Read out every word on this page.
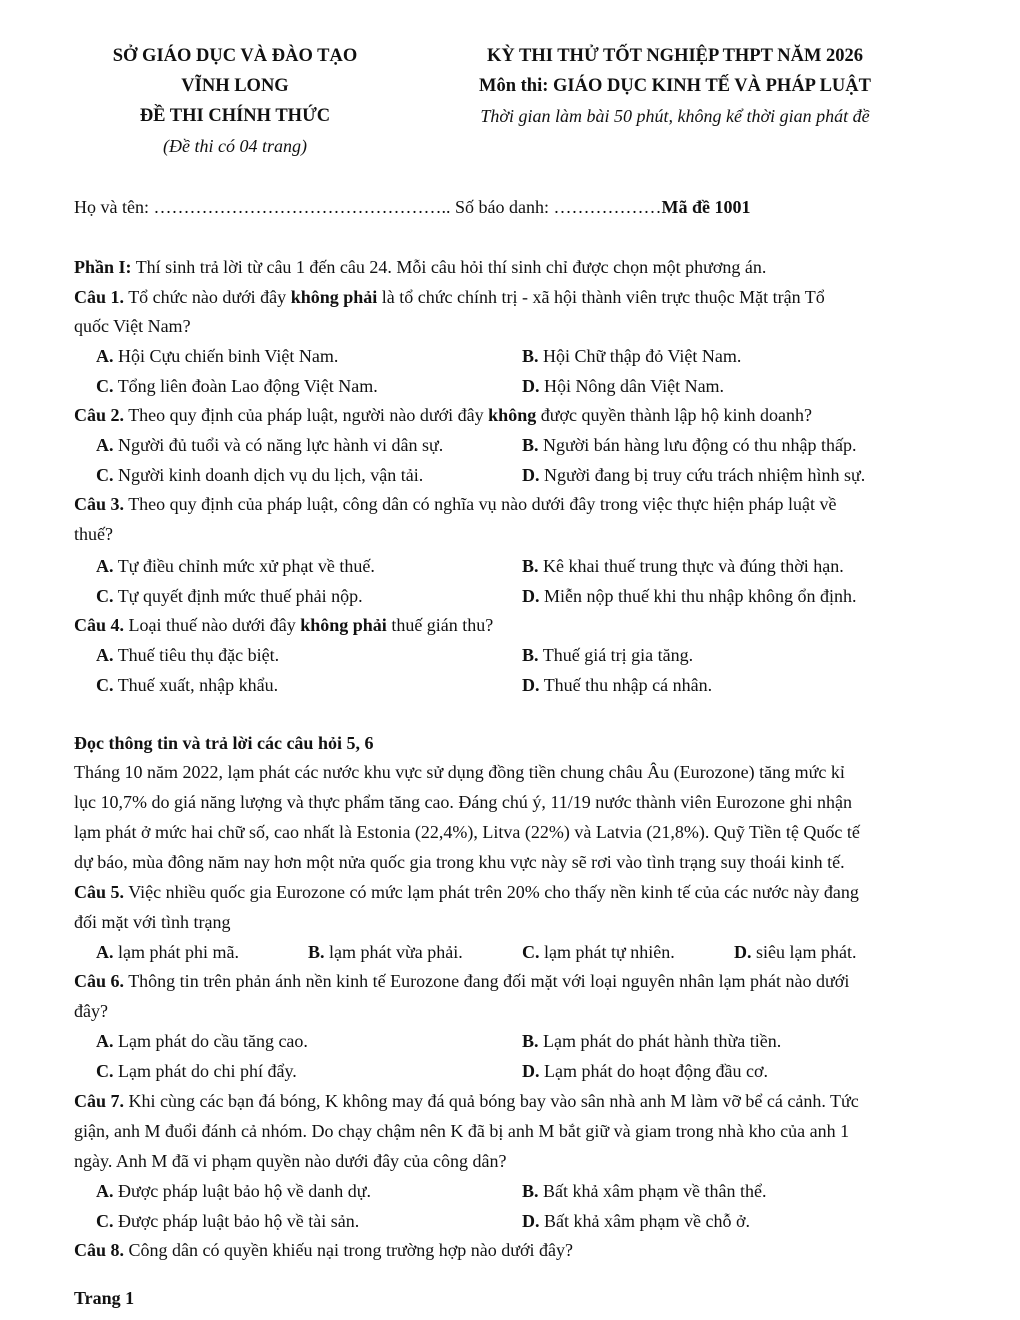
SỞ GIÁO DỤC VÀ ĐÀO TẠO
VĨNH LONG
ĐỀ THI CHÍNH THỨC
(Đề thi có 04 trang)
KỲ THI THỬ TỐT NGHIỆP THPT NĂM 2026
Môn thi: GIÁO DỤC KINH TẾ VÀ PHÁP LUẬT
Thời gian làm bài 50 phút, không kể thời gian phát đề
Họ và tên: ………………………………………….. Số báo danh: ………………Mã đề 1001
Phần I: Thí sinh trả lời từ câu 1 đến câu 24. Mỗi câu hỏi thí sinh chỉ được chọn một phương án.
Câu 1. Tổ chức nào dưới đây không phải là tổ chức chính trị - xã hội thành viên trực thuộc Mặt trận Tổ
quốc Việt Nam?
A. Hội Cựu chiến binh Việt Nam.	B. Hội Chữ thập đỏ Việt Nam.
C. Tổng liên đoàn Lao động Việt Nam.	D. Hội Nông dân Việt Nam.
Câu 2. Theo quy định của pháp luật, người nào dưới đây không được quyền thành lập hộ kinh doanh?
A. Người đủ tuổi và có năng lực hành vi dân sự.	B. Người bán hàng lưu động có thu nhập thấp.
C. Người kinh doanh dịch vụ du lịch, vận tải.	D. Người đang bị truy cứu trách nhiệm hình sự.
Câu 3. Theo quy định của pháp luật, công dân có nghĩa vụ nào dưới đây trong việc thực hiện pháp luật về
thuế?
A. Tự điều chỉnh mức xử phạt về thuế.	B. Kê khai thuế trung thực và đúng thời hạn.
C. Tự quyết định mức thuế phải nộp.	D. Miễn nộp thuế khi thu nhập không ổn định.
Câu 4. Loại thuế nào dưới đây không phải thuế gián thu?
A. Thuế tiêu thụ đặc biệt.	B. Thuế giá trị gia tăng.
C. Thuế xuất, nhập khẩu.	D. Thuế thu nhập cá nhân.
Đọc thông tin và trả lời các câu hỏi 5, 6
Tháng 10 năm 2022, lạm phát các nước khu vực sử dụng đồng tiền chung châu Âu (Eurozone) tăng mức kỉ
lục 10,7% do giá năng lượng và thực phẩm tăng cao. Đáng chú ý, 11/19 nước thành viên Eurozone ghi nhận
lạm phát ở mức hai chữ số, cao nhất là Estonia (22,4%), Litva (22%) và Latvia (21,8%). Quỹ Tiền tệ Quốc tế
dự báo, mùa đông năm nay hơn một nửa quốc gia trong khu vực này sẽ rơi vào tình trạng suy thoái kinh tế.
Câu 5. Việc nhiều quốc gia Eurozone có mức lạm phát trên 20% cho thấy nền kinh tế của các nước này đang
đối mặt với tình trạng
A. lạm phát phi mã.	B. lạm phát vừa phải.	C. lạm phát tự nhiên.	D. siêu lạm phát.
Câu 6. Thông tin trên phản ánh nền kinh tế Eurozone đang đối mặt với loại nguyên nhân lạm phát nào dưới
đây?
A. Lạm phát do cầu tăng cao.	B. Lạm phát do phát hành thừa tiền.
C. Lạm phát do chi phí đẩy.	D. Lạm phát do hoạt động đầu cơ.
Câu 7. Khi cùng các bạn đá bóng, K không may đá quả bóng bay vào sân nhà anh M làm vỡ bể cá cảnh. Tức
giận, anh M đuổi đánh cả nhóm. Do chạy chậm nên K đã bị anh M bắt giữ và giam trong nhà kho của anh 1
ngày. Anh M đã vi phạm quyền nào dưới đây của công dân?
A. Được pháp luật bảo hộ về danh dự.	B. Bất khả xâm phạm về thân thể.
C. Được pháp luật bảo hộ về tài sản.	D. Bất khả xâm phạm về chỗ ở.
Câu 8. Công dân có quyền khiếu nại trong trường hợp nào dưới đây?
Trang 1
